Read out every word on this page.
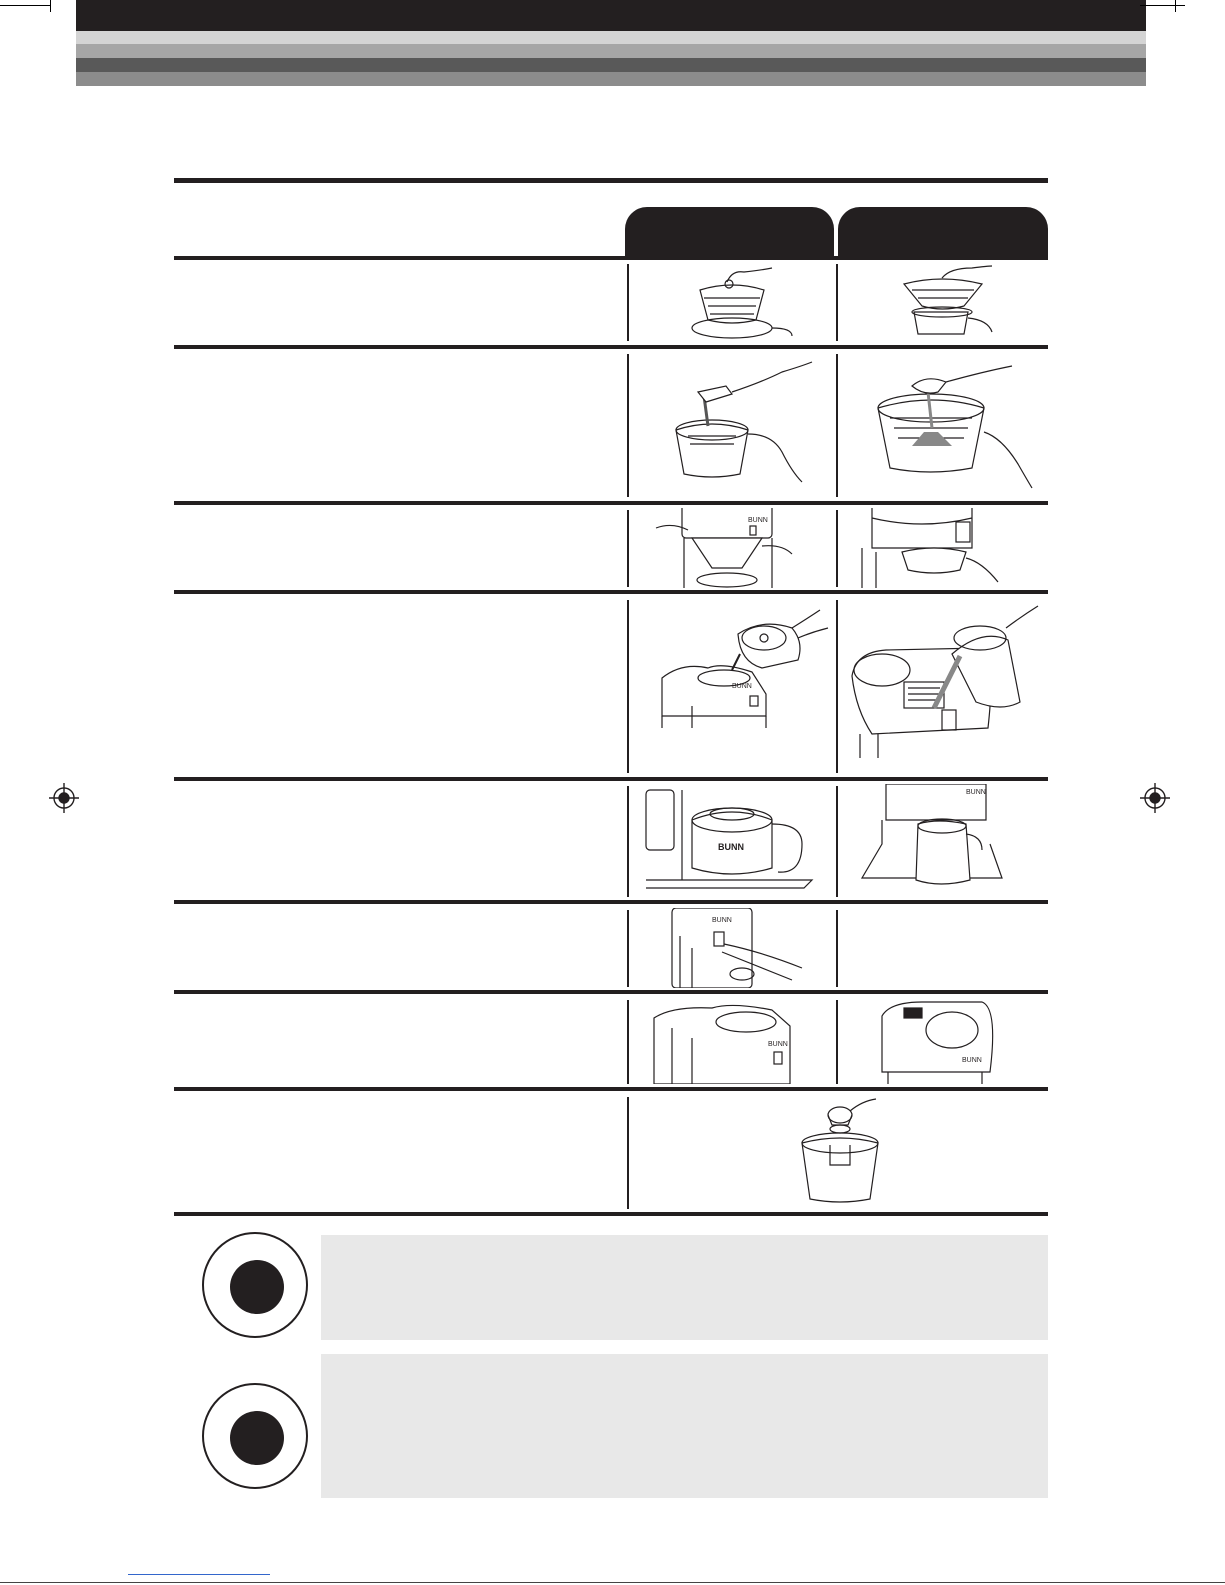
BUNN
BUNN
BUNN
BUNN
BUNN
BUNN
BUNN
